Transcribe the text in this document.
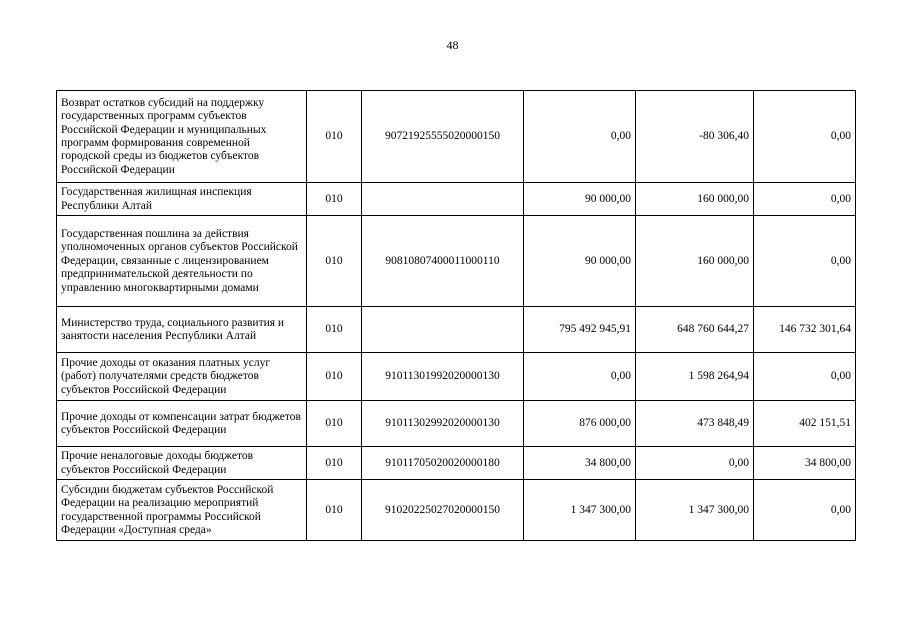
48
Возврат остатков субсидий на поддержку государственных программ субъектов Российской Федерации и муниципальных программ формирования современной городской среды из бюджетов субъектов Российской Федерации	010	90721925555020000150	0,00	-80 306,40	0,00
Государственная жилищная инспекция Республики Алтай	010		90 000,00	160 000,00	0,00
Государственная пошлина за действия уполномоченных органов субъектов Российской Федерации, связанные с лицензированием предпринимательской деятельности по управлению многоквартирными домами	010	90810807400011000110	90 000,00	160 000,00	0,00
Министерство труда, социального развития и занятости населения Республики Алтай	010		795 492 945,91	648 760 644,27	146 732 301,64
Прочие доходы от оказания платных услуг (работ) получателями средств бюджетов субъектов Российской Федерации	010	91011301992020000130	0,00	1 598 264,94	0,00
Прочие доходы от компенсации затрат бюджетов субъектов Российской Федерации	010	91011302992020000130	876 000,00	473 848,49	402 151,51
Прочие неналоговые доходы бюджетов субъектов Российской Федерации	010	91011705020020000180	34 800,00	0,00	34 800,00
Субсидии бюджетам субъектов Российской Федерации на реализацию мероприятий государственной программы Российской Федерации «Доступная среда»	010	91020225027020000150	1 347 300,00	1 347 300,00	0,00
